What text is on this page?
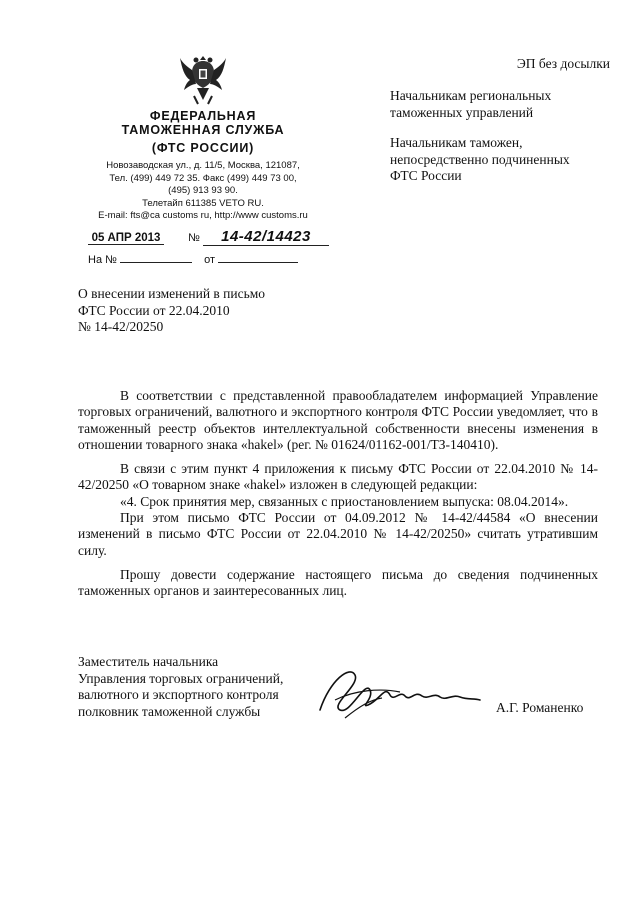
ФЕДЕРАЛЬНАЯ
ТАМОЖЕННАЯ СЛУЖБА
(ФТС РОССИИ)
Новозаводская ул., д. 11/5, Москва, 121087,
Тел. (499) 449 72 35. Факс (499) 449 73 00,
(495) 913 93 90.
Телетайп 611385 VETO RU.
E-mail: fts@ca customs ru, http://www customs.ru
ЭП без досылки
Начальникам региональных
таможенных управлений
Начальникам таможен,
непосредственно подчиненных
ФТС России
05 АПР 2013	№ 14-42/14423
На №	от
О внесении изменений в письмо
ФТС России от 22.04.2010
№ 14-42/20250

В соответствии с представленной правообладателем информацией Управление торговых ограничений, валютного и экспортного контроля ФТС России уведомляет, что в таможенный реестр объектов интеллектуальной собственности внесены изменения в отношении товарного знака «hakel» (рег. № 01624/01162-001/ТЗ-140410).

В связи с этим пункт 4 приложения к письму ФТС России от 22.04.2010 № 14-42/20250 «О товарном знаке «hakel» изложен в следующей редакции:

«4. Срок принятия мер, связанных с приостановлением выпуска: 08.04.2014».

При этом письмо ФТС России от 04.09.2012 № 14-42/44584 «О внесении изменений в письмо ФТС России от 22.04.2010 № 14-42/20250» считать утратившим силу.

Прошу довести содержание настоящего письма до сведения подчиненных таможенных органов и заинтересованных лиц.

Заместитель начальника
Управления торговых ограничений,
валютного и экспортного контроля
полковник таможенной службы	А.Г. Романенко
